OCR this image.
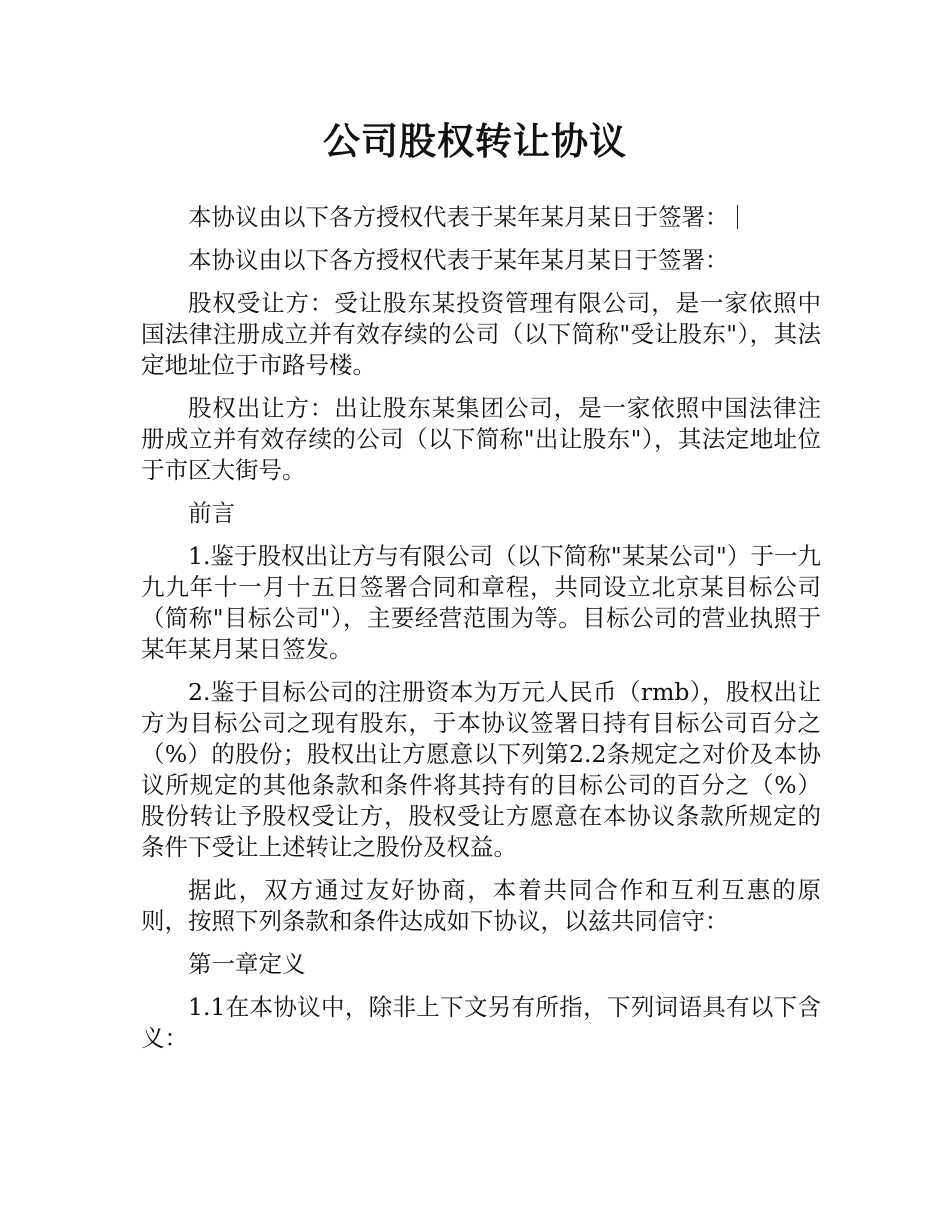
公司股权转让协议

本协议由以下各方授权代表于某年某月某日于签署：

本协议由以下各方授权代表于某年某月某日于签署：

股权受让方：受让股东某投资管理有限公司，是一家依照中国法律注册成立并有效存续的公司（以下简称"受让股东"），其法定地址位于市路号楼。

股权出让方：出让股东某集团公司，是一家依照中国法律注册成立并有效存续的公司（以下简称"出让股东"），其法定地址位于市区大街号。

前言

1.鉴于股权出让方与有限公司（以下简称"某某公司"）于一九九九年十一月十五日签署合同和章程，共同设立北京某目标公司（简称"目标公司"），主要经营范围为等。目标公司的营业执照于某年某月某日签发。

2.鉴于目标公司的注册资本为万元人民币（rmb），股权出让方为目标公司之现有股东，于本协议签署日持有目标公司百分之（%）的股份；股权出让方愿意以下列第2.2条规定之对价及本协议所规定的其他条款和条件将其持有的目标公司的百分之（%）股份转让予股权受让方，股权受让方愿意在本协议条款所规定的条件下受让上述转让之股份及权益。

据此，双方通过友好协商，本着共同合作和互利互惠的原则，按照下列条款和条件达成如下协议，以兹共同信守：

第一章定义

1.1在本协议中，除非上下文另有所指，下列词语具有以下含义：
